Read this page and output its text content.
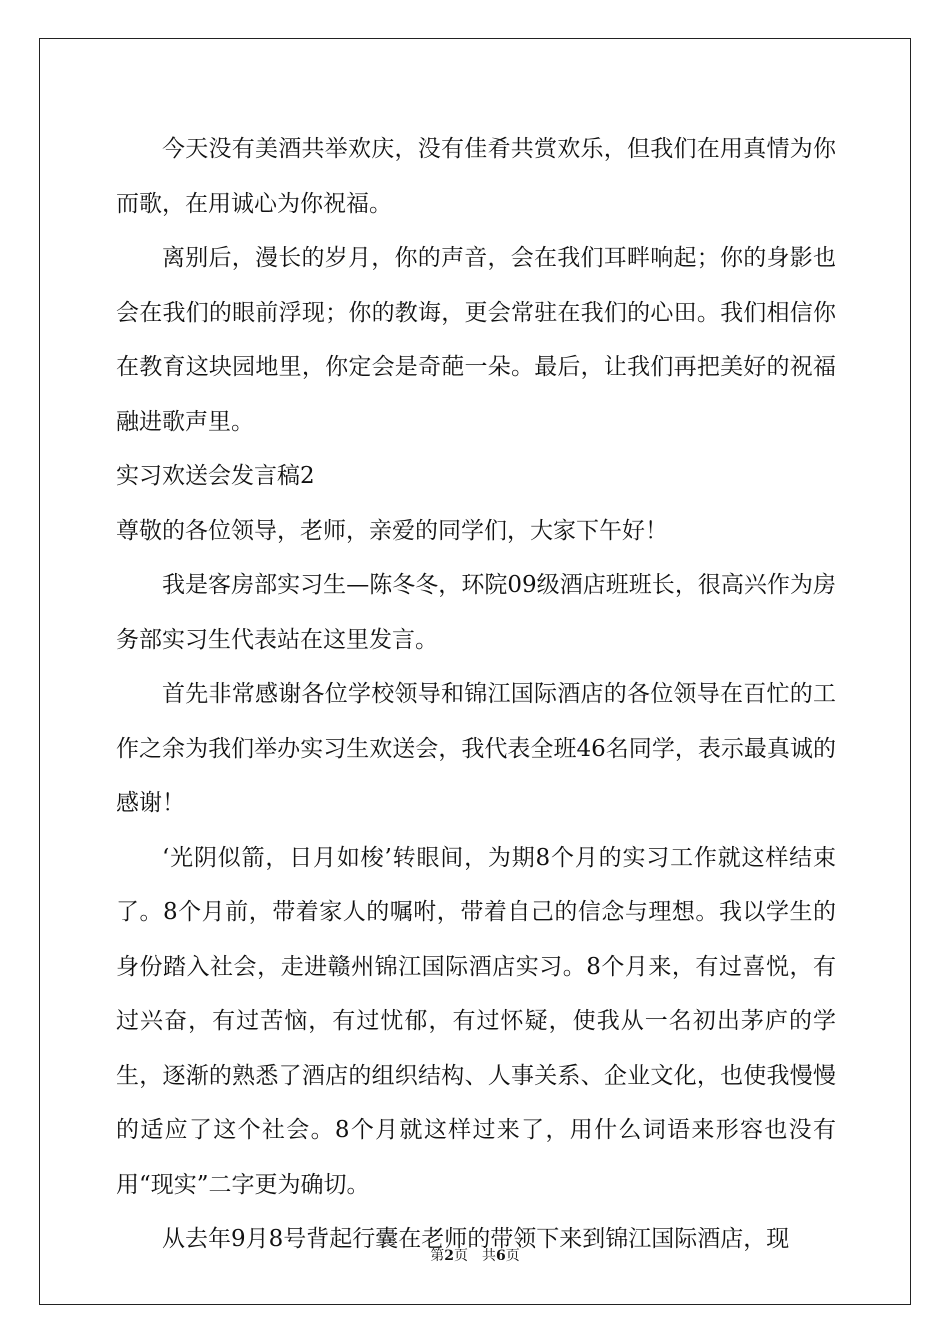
今天没有美酒共举欢庆，没有佳肴共赏欢乐，但我们在用真情为你而歌，在用诚心为你祝福。

离别后，漫长的岁月，你的声音，会在我们耳畔响起；你的身影也会在我们的眼前浮现；你的教诲，更会常驻在我们的心田。我们相信你在教育这块园地里，你定会是奇葩一朵。最后，让我们再把美好的祝福融进歌声里。

实习欢送会发言稿2

尊敬的各位领导，老师，亲爱的同学们，大家下午好！

我是客房部实习生—陈冬冬，环院09级酒店班班长，很高兴作为房务部实习生代表站在这里发言。

首先非常感谢各位学校领导和锦江国际酒店的各位领导在百忙的工作之余为我们举办实习生欢送会，我代表全班46名同学，表示最真诚的感谢！

‘光阴似箭，日月如梭’转眼间，为期8个月的实习工作就这样结束了。8个月前，带着家人的嘱咐，带着自己的信念与理想。我以学生的身份踏入社会，走进赣州锦江国际酒店实习。8个月来，有过喜悦，有过兴奋，有过苦恼，有过忧郁，有过怀疑，使我从一名初出茅庐的学生，逐渐的熟悉了酒店的组织结构、人事关系、企业文化，也使我慢慢的适应了这个社会。8个月就这样过来了，用什么词语来形容也没有用“现实”二字更为确切。

从去年9月8号背起行囊在老师的带领下来到锦江国际酒店，现

第2页 共6页
